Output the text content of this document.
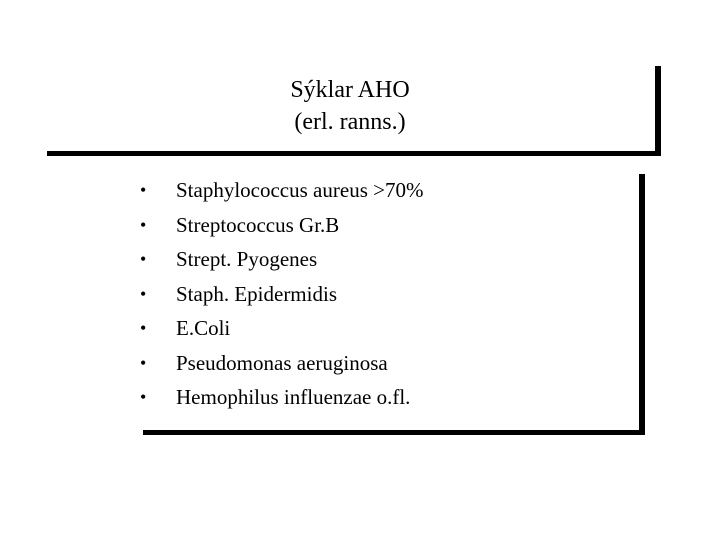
Sýklar AHO
(erl. ranns.)
• Staphylococcus aureus >70%
• Streptococcus Gr.B
• Strept. Pyogenes
• Staph. Epidermidis
• E.Coli
• Pseudomonas aeruginosa
• Hemophilus influenzae o.fl.
